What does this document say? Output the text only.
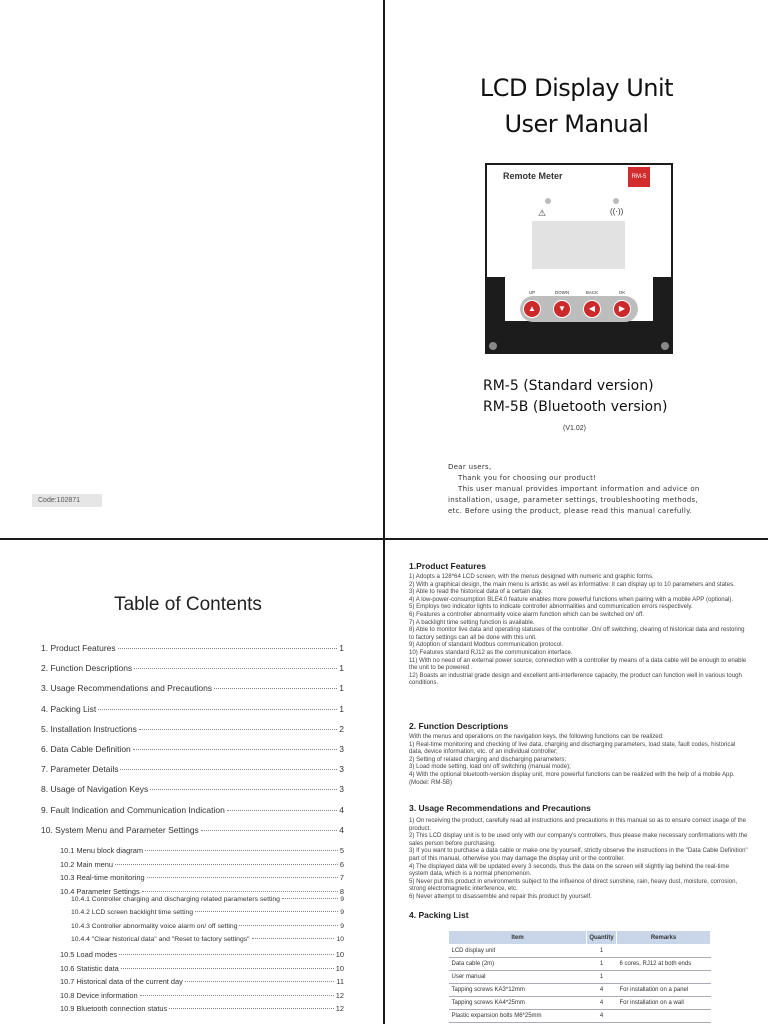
Code:102871
LCD Display Unit
User Manual
Remote Meter	RM-5
⚠	((·))
UP	DOWN	BACK	OK
▲	▼	◀	▶
RM-5 (Standard version)
RM-5B (Bluetooth version)
(V1.02)
Dear users,
Thank you for choosing our product!
This user manual provides important information and advice on
installation, usage, parameter settings, troubleshooting methods,
etc. Before using the product, please read this manual carefully.
Table of Contents
1. Product Features	1
2. Function Descriptions	1
3. Usage Recommendations and Precautions	1
4. Packing List	1
5. Installation Instructions	2
6. Data Cable Definition	3
7. Parameter Details	3
8. Usage of Navigation Keys	3
9. Fault Indication and Communication Indication	4
10. System Menu and Parameter Settings	4
10.1 Menu block diagram	5
10.2 Main menu	6
10.3 Real-time monitoring	7
10.4 Parameter Settings	8
10.4.1 Controller charging and discharging related parameters setting	9
10.4.2 LCD screen backlight time setting	9
10.4.3 Controller abnormality voice alarm on/ off setting	9
10.4.4 "Clear historical data" and "Reset to factory settings"	10
10.5 Load modes	10
10.6 Statistic data	10
10.7 Historical data of the current day	11
10.8 Device information	12
10.9 Bluetooth connection status	12
1.Product Features
1) Adopts a 128*64 LCD screen, with the menus designed with numeric and graphic forms.
2) With a graphical design, the main menu is artistic as well as informative: it can display up to 10 parameters and states.
3) Able to read the historical data of a certain day.
4) A low-power-consumption BLE4.0 feature enables more powerful functions when pairing with a mobile APP (optional).
5) Employs two indicator lights to indicate controller abnormalities and communication errors respectively.
6) Features a controller abnormality voice alarm function which can be switched on/ off.
7) A backlight time setting function is available.
8) Able to monitor live data and operating statuses of the controller .On/ off switching, clearing of historical data and restoring to factory settings can all be done with this unit.
9) Adoption of standard Modbus communication protocol.
10) Features standard RJ12 as the communication interface.
11) With no need of an external power source, connection with a controller by means of a data cable will be enough to enable the unit to be powered .
12) Boasts an industrial grade design and excellent anti-interference capacity, the product can function well in various tough conditions.
2. Function Descriptions
With the menus and operations on the navigation keys, the following functions can be realized:
1) Real-time monitoring and checking of live data, charging and discharging parameters, load state, fault codes, historical data, device information, etc. of an individual controller;
2) Setting of related charging and discharging parameters;
3) Load mode setting, load on/ off switching (manual mode);
4) With the optional bluetooth-version display unit, more powerful functions can be realized with the help of a mobile App. (Model: RM-5B)
3. Usage Recommendations and Precautions
1) On receiving the product, carefully read all instructions and precautions in this manual so as to ensure correct usage of the product.
2) This LCD display unit is to be used only with our company's controllers, thus please make necessary confirmations with the sales person before purchasing.
3) If you want to purchase a data cable or make one by yourself, strictly observe the instructions in the "Data Cable Definition" part of this manual, otherwise you may damage the display unit or the controller.
4) The displayed data will be updated every 3 seconds, thus the data on the screen will slightly lag behind the real-time system data, which is a normal phenomenon.
5) Never put this product in environments subject to the influence of direct sunshine, rain, heavy dust, moisture, corrosion, strong electromagnetic interference, etc.
6) Never attempt to disassemble and repair this product by yourself.
4. Packing List
Item	Quantity	Remarks
LCD display unit	1	
Data cable (2m)	1	6 cores, RJ12 at both ends
User manual	1	
Tapping screws KA3*12mm	4	For installation on a panel
Tapping screws KA4*25mm	4	For installation on a wall
Plastic expansion bolts M6*25mm	4	
